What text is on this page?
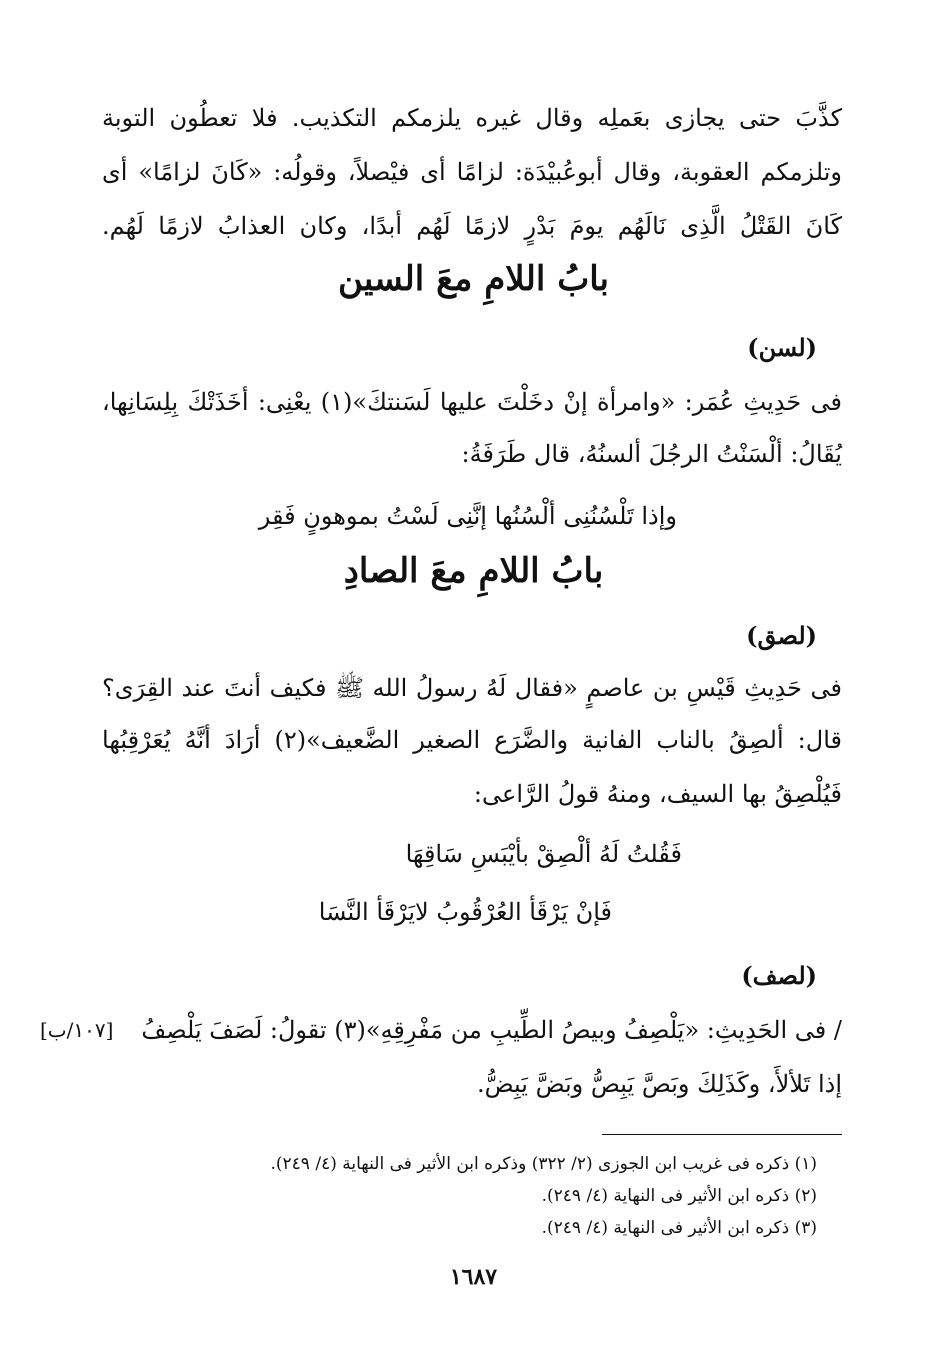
كذَّبَ حتى يجازى بعَملِه وقال غيره يلزمكم التكذيب. فلا تعطُون التوبة
وتلزمكم العقوبة، وقال أبوعُبيْدَة: لزامًا أى فيْصلاً، وقولُه: «كَانَ لزامًا» أى
كَانَ القَتْلُ الَّذِى نَالَهُم يومَ بَدْرٍ لازمًا لَهُم أبدًا، وكان العذابُ لازمًا لَهُم.
بابُ اللامِ معَ السين
(لسن)
فى حَدِيثِ عُمَر: «وامرأة إنْ دخَلْتَ عليها لَسَنتكَ»(١) يعْنِى: أخَذَتْكَ بِلِسَانِها،
يُقَالُ: ألْسَنْتُ الرجُلَ ألسنُهُ، قال طَرَفَةُ:
وإذا تَلْسُنُنِى ألْسُنُها إنَّنِى لَسْتُ بموهونٍ فَقِر
بابُ اللامِ معَ الصادِ
(لصق)
فى حَدِيثِ قَيْسِ بن عاصمٍ «فقال لَهُ رسولُ الله ﷺ فكيف أنتَ عند القِرَى؟
قال: ألصِقُ بالناب الفانية والضَّرَع الصغير الضَّعيف»(٢) أرَادَ أنَّهُ يُعَرْقِبُها
فَيُلْصِقُ بها السيف، ومنهُ قولُ الرَّاعى:
فَقُلتُ لَهُ ألْصِقْ بأيْبَسِ سَاقِهَا
فَإنْ يَرْقَأ العُرْقُوبُ لايَرْقَأ النَّسَا
(لصف)
/ فى الحَدِيثِ: «يَلْصِفُ وبيصُ الطِّيبِ من مَفْرِقِهِ»(٣) تقولُ: لَصَفَ يَلْصِفُ
[١٠٧/ب]
إذا تَلألأَ، وكَذَلِكَ وبَصَّ يَبِصُّ وبَضَّ يَبِضُّ.
(١) ذكره فى غريب ابن الجوزى (٢/ ٣٢٢) وذكره ابن الأثير فى النهاية (٤/ ٢٤٩).
(٢) ذكره ابن الأثير فى النهاية (٤/ ٢٤٩).
(٣) ذكره ابن الأثير فى النهاية (٤/ ٢٤٩).
١٦٨٧
